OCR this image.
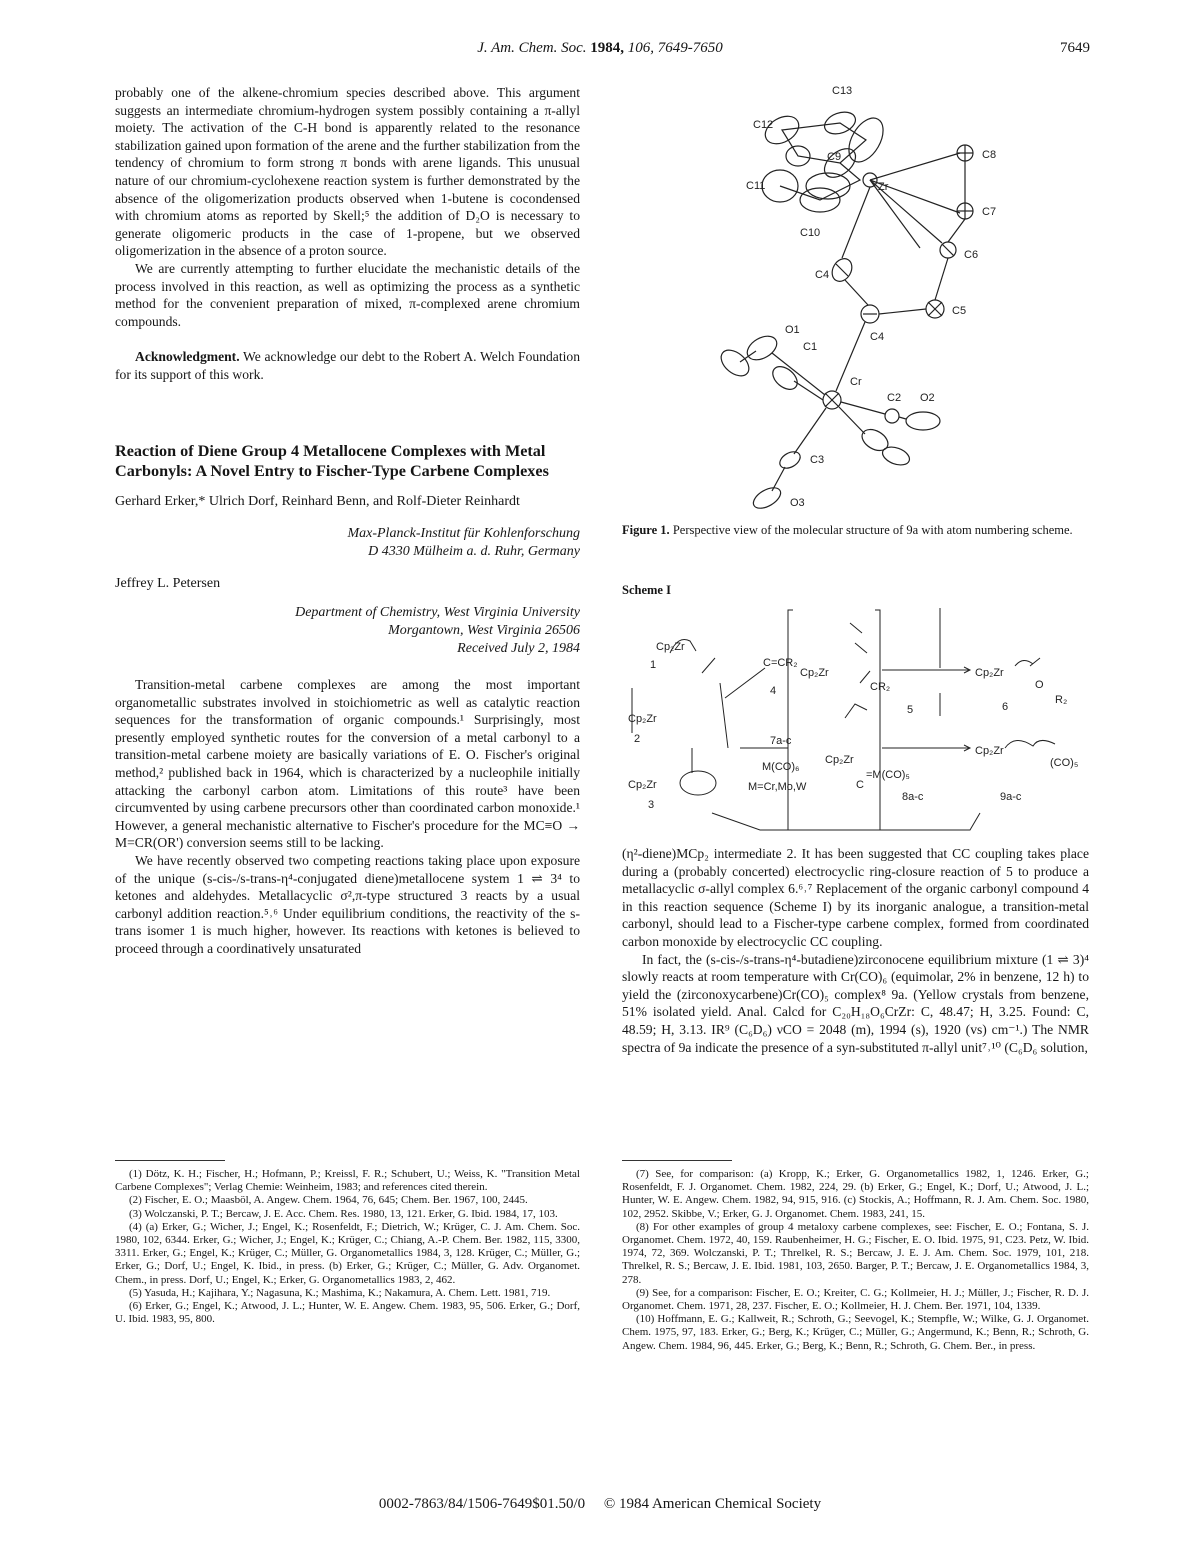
J. Am. Chem. Soc. 1984, 106, 7649-7650	7649

probably one of the alkene-chromium species described above. This argument suggests an intermediate chromium-hydrogen system possibly containing a π-allyl moiety. The activation of the C-H bond is apparently related to the resonance stabilization gained upon formation of the arene and the further stabilization from the tendency of chromium to form strong π bonds with arene ligands. This unusual nature of our chromium-cyclohexene reaction system is further demonstrated by the absence of the oligomerization products observed when 1-butene is cocondensed with chromium atoms as reported by Skell;⁵ the addition of D₂O is necessary to generate oligomeric products in the case of 1-propene, but we observed oligomerization in the absence of a proton source.

We are currently attempting to further elucidate the mechanistic details of the process involved in this reaction, as well as optimizing the process as a synthetic method for the convenient preparation of mixed, π-complexed arene chromium compounds.

Acknowledgment. We acknowledge our debt to the Robert A. Welch Foundation for its support of this work.

Reaction of Diene Group 4 Metallocene Complexes with Metal Carbonyls: A Novel Entry to Fischer-Type Carbene Complexes

Gerhard Erker,* Ulrich Dorf, Reinhard Benn, and Rolf-Dieter Reinhardt

Max-Planck-Institut für Kohlenforschung
D 4330 Mülheim a. d. Ruhr, Germany

Jeffrey L. Petersen

Department of Chemistry, West Virginia University
Morgantown, West Virginia 26506
Received July 2, 1984

Transition-metal carbene complexes are among the most important organometallic substrates involved in stoichiometric as well as catalytic reaction sequences for the transformation of organic compounds.¹ Surprisingly, most presently employed synthetic routes for the conversion of a metal carbonyl to a transition-metal carbene moiety are basically variations of E. O. Fischer's original method,² published back in 1964, which is characterized by a nucleophile initially attacking the carbonyl carbon atom. Limitations of this route³ have been circumvented by using carbene precursors other than coordinated carbon monoxide.¹ However, a general mechanistic alternative to Fischer's procedure for the MC≡O → M=CR(OR') conversion seems still to be lacking.

We have recently observed two competing reactions taking place upon exposure of the unique (s-cis-/s-trans-η⁴-conjugated diene)metallocene system 1 ⇌ 3⁴ to ketones and aldehydes. Metallacyclic σ²,π-type structured 3 reacts by a usual carbonyl addition reaction.⁵˒⁶ Under equilibrium conditions, the reactivity of the s-trans isomer 1 is much higher, however. Its reactions with ketones is believed to proceed through a coordinatively unsaturated

C13
C12
C9	C8
C11	Zr
C7
C10
C6
C4
C5
O1
C1
C4
Cr
C2 O2
C3
O3
Figure 1. Perspective view of the molecular structure of 9a with atom numbering scheme.
Scheme I
Cp₂Zr
1	C=CR₂
Cp₂Zr
CR₂
4
5
Cp₂Zr
O
R₂
6
Cp₂Zr
2	7a-c
M(CO)₆
M=Cr,Mo,W
Cp₂Zr
C
=M(CO)₅
8a-c
Cp₂Zr
(CO)₅
9a-c
Cp₂Zr
3

(η²-diene)MCp₂ intermediate 2. It has been suggested that CC coupling takes place during a (probably concerted) electrocyclic ring-closure reaction of 5 to produce a metallacyclic σ-allyl complex 6.⁶˒⁷ Replacement of the organic carbonyl compound 4 in this reaction sequence (Scheme I) by its inorganic analogue, a transition-metal carbonyl, should lead to a Fischer-type carbene complex, formed from coordinated carbon monoxide by electrocyclic CC coupling.

In fact, the (s-cis-/s-trans-η⁴-butadiene)zirconocene equilibrium mixture (1 ⇌ 3)⁴ slowly reacts at room temperature with Cr(CO)₆ (equimolar, 2% in benzene, 12 h) to yield the (zirconoxycarbene)Cr(CO)₅ complex⁸ 9a. (Yellow crystals from benzene, 51% isolated yield. Anal. Calcd for C₂₀H₁₈O₆CrZr: C, 48.47; H, 3.25. Found: C, 48.59; H, 3.13. IR⁹ (C₆D₆) νCO = 2048 (m), 1994 (s), 1920 (vs) cm⁻¹.) The NMR spectra of 9a indicate the presence of a syn-substituted π-allyl unit⁷˒¹⁰ (C₆D₆ solution,

(1) Dötz, K. H.; Fischer, H.; Hofmann, P.; Kreissl, F. R.; Schubert, U.; Weiss, K. "Transition Metal Carbene Complexes"; Verlag Chemie: Weinheim, 1983; and references cited therein.

(2) Fischer, E. O.; Maasböl, A. Angew. Chem. 1964, 76, 645; Chem. Ber. 1967, 100, 2445.

(3) Wolczanski, P. T.; Bercaw, J. E. Acc. Chem. Res. 1980, 13, 121. Erker, G. Ibid. 1984, 17, 103.

(4) (a) Erker, G.; Wicher, J.; Engel, K.; Rosenfeldt, F.; Dietrich, W.; Krüger, C. J. Am. Chem. Soc. 1980, 102, 6344. Erker, G.; Wicher, J.; Engel, K.; Krüger, C.; Chiang, A.-P. Chem. Ber. 1982, 115, 3300, 3311. Erker, G.; Engel, K.; Krüger, C.; Müller, G. Organometallics 1984, 3, 128. Krüger, C.; Müller, G.; Erker, G.; Dorf, U.; Engel, K. Ibid., in press. (b) Erker, G.; Krüger, C.; Müller, G. Adv. Organomet. Chem., in press. Dorf, U.; Engel, K.; Erker, G. Organometallics 1983, 2, 462.

(5) Yasuda, H.; Kajihara, Y.; Nagasuna, K.; Mashima, K.; Nakamura, A. Chem. Lett. 1981, 719.

(6) Erker, G.; Engel, K.; Atwood, J. L.; Hunter, W. E. Angew. Chem. 1983, 95, 506. Erker, G.; Dorf, U. Ibid. 1983, 95, 800.

(7) See, for comparison: (a) Kropp, K.; Erker, G. Organometallics 1982, 1, 1246. Erker, G.; Rosenfeldt, F. J. Organomet. Chem. 1982, 224, 29. (b) Erker, G.; Engel, K.; Dorf, U.; Atwood, J. L.; Hunter, W. E. Angew. Chem. 1982, 94, 915, 916. (c) Stockis, A.; Hoffmann, R. J. Am. Chem. Soc. 1980, 102, 2952. Skibbe, V.; Erker, G. J. Organomet. Chem. 1983, 241, 15.

(8) For other examples of group 4 metaloxy carbene complexes, see: Fischer, E. O.; Fontana, S. J. Organomet. Chem. 1972, 40, 159. Raubenheimer, H. G.; Fischer, E. O. Ibid. 1975, 91, C23. Petz, W. Ibid. 1974, 72, 369. Wolczanski, P. T.; Threlkel, R. S.; Bercaw, J. E. J. Am. Chem. Soc. 1979, 101, 218. Threlkel, R. S.; Bercaw, J. E. Ibid. 1981, 103, 2650. Barger, P. T.; Bercaw, J. E. Organometallics 1984, 3, 278.

(9) See, for a comparison: Fischer, E. O.; Kreiter, C. G.; Kollmeier, H. J.; Müller, J.; Fischer, R. D. J. Organomet. Chem. 1971, 28, 237. Fischer, E. O.; Kollmeier, H. J. Chem. Ber. 1971, 104, 1339.

(10) Hoffmann, E. G.; Kallweit, R.; Schroth, G.; Seevogel, K.; Stempfle, W.; Wilke, G. J. Organomet. Chem. 1975, 97, 183. Erker, G.; Berg, K.; Krüger, C.; Müller, G.; Angermund, K.; Benn, R.; Schroth, G. Angew. Chem. 1984, 96, 445. Erker, G.; Berg, K.; Benn, R.; Schroth, G. Chem. Ber., in press.

0002-7863/84/1506-7649$01.50/0 © 1984 American Chemical Society
